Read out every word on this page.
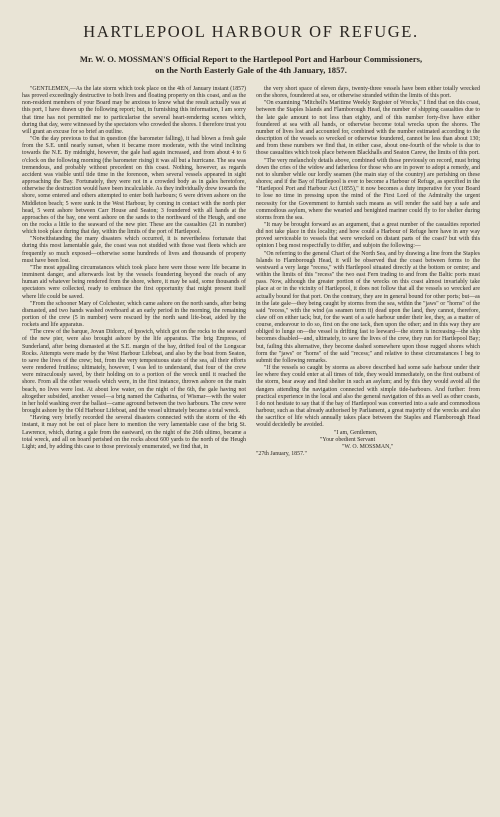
HARTLEPOOL HARBOUR OF REFUGE.
Mr. W. O. MOSSMAN'S Official Report to the Hartlepool Port and Harbour Commissioners,
on the North Easterly Gale of the 4th January, 1857.

"GENTLEMEN,—As the late storm which took place on the 4th of January instant (1857) has proved exceedingly destructive to both lives and floating property on this coast, and as the non-resident members of your Board may be anxious to know what the result actually was at this port, I have drawn up the following report; but, in furnishing this information, I am sorry that time has not permitted me to particularise the several heart-rendering scenes which, during that day, were witnessed by the spectators who crowded the shores. I therefore trust you will grant an excuse for so brief an outline.

"On the day previous to that in question (the barometer falling), it had blown a fresh gale from the S.E. until nearly sunset, when it became more moderate, with the wind inclining towards the N.E. By midnight, however, the gale had again increased, and from about 4 to 6 o'clock on the following morning (the barometer rising) it was all but a hurricane. The sea was tremendous, and probably without precedent on this coast. Nothing, however, as regards accident was visible until tide time in the forenoon, when several vessels appeared in sight approaching the Bay. Fortunately, they were not in a crowded body as in gales heretofore, otherwise the destruction would have been incalculable. As they individually drew towards the shore, some entered and others attempted to enter both harbours; 6 were driven ashore on the Middleton beach; 5 were sunk in the West Harbour, by coming in contact with the north pier head, 5 went ashore between Carr House and Seaton; 3 foundered with all hands at the approaches of the bay, one went ashore on the sands to the northward of the Heugh, and one on the rocks a little to the seaward of the new pier. These are the casualties (21 in number) which took place during that day, within the limits of the port of Hartlepool.

"Notwithstanding the many disasters which occurred, it is nevertheless fortunate that during this most lamentable gale, the coast was not studded with those vast fleets which are frequently so much exposed—otherwise some hundreds of lives and thousands of property must have been lost.

"The most appalling circumstances which took place here were those were life became in imminent danger, and afterwards lost by the vessels foundering beyond the reach of any human aid whatever being rendered from the shore, where, it may be said, some thousands of spectators were collected, ready to embrace the first opportunity that might present itself where life could be saved.

"From the schooner Mary of Colchester, which came ashore on the north sands, after being dismasted, and two hands washed overboard at an early period in the morning, the remaining portion of the crew (5 in number) were rescued by the north sand life-boat, aided by the rockets and life apparatus.

"The crew of the barque, Jovan Didcerz, of Ipswich, which got on the rocks to the seaward of the new pier, were also brought ashore by the life apparatus. The brig Empress, of Sunderland, after being dismasted at the S.E. margin of the bay, drifted foul of the Longscar Rocks. Attempts were made by the West Harbour Lifeboat, and also by the boat from Seaton, to save the lives of the crew; but, from the very tempestuous state of the sea, all their efforts were rendered fruitless; ultimately, however, I was led to understand, that four of the crew were miraculously saved, by their holding on to a portion of the wreck until it reached the shore. From all the other vessels which were, in the first instance, thrown ashore on the main beach, no lives were lost. At about low water, on the night of the 6th, the gale having not altogether subsided, another vessel—a brig named the Catharina, of Wismar—with the water in her hold washing over the ballast—came aground between the two harbours. The crew were brought ashore by the Old Harbour Lifeboat, and the vessel ultimately became a total wreck.

"Having very briefly recorded the several disasters connected with the storm of the 4th instant, it may not be out of place here to mention the very lamentable case of the brig St. Lawrence, which, during a gale from the eastward, on the night of the 26th ultimo, became a total wreck, and all on board perished on the rocks about 600 yards to the north of the Heugh Light; and, by adding this case to those previously enumerated, we find that, in

the very short space of eleven days, twenty-three vessels have been either totally wrecked on the shores, foundered at sea, or otherwise stranded within the limits of this port.

"On examining "Mitchell's Maritime Weekly Register of Wrecks," I find that on this coast, between the Staples Islands and Flamborough Head, the number of shipping casualties due to the late gale amount to not less than eighty, and of this number forty-five have either foundered at sea with all hands, or otherwise become total wrecks upon the shores. The number of lives lost and accounted for, combined with the number estimated according to the description of the vessels so wrecked or otherwise foundered, cannot be less than about 130; and from these numbers we find that, in either case, about one-fourth of the whole is due to those casualties which took place between Blackhalls and Seaton Carew, the limits of this port.

"The very melancholy details above, combined with those previously on record, must bring down the cries of the widow and fatherless for those who are in power to adopt a remedy, and not to slumber while our lordly seamen (the main stay of the country) are perishing on these shores; and if the Bay of Hartlepool is ever to become a Harbour of Refuge, as specified in the "Hartlepool Port and Harbour Act (1855)," it now becomes a duty imperative for your Board to lose no time in pressing upon the mind of the First Lord of the Admiralty the urgent necessity for the Government to furnish such means as will render the said bay a safe and commodious asylum, where the wearied and benighted mariner could fly to for shelter during storms from the sea.

"It may be brought forward as an argument, that a great number of the casualties reported did not take place in this locality; and how could a Harbour of Refuge here have in any way proved serviceable to vessels that were wrecked on distant parts of the coast? but with this opinion I beg most respectfully to differ, and subjoin the following:—

"On referring to the general Chart of the North Sea, and by drawing a line from the Staples Islands to Flamborough Head, it will be observed that the coast between forms to the westward a very large "recess," with Hartlepool situated directly at the bottom or centre; and within the limits of this "recess" the two east Fern trading to and from the Baltic ports must pass. Now, although the greater portion of the wrecks on this coast almost invariably take place at or in the vicinity of Hartlepool, it does not follow that all the vessels so wrecked are actually bound for that port. On the contrary, they are in general bound for other ports; but—as in the late gale—they being caught by storms from the sea, within the "jaws" or "horns" of the said "recess," with the wind (as seamen term it) dead upon the land, they cannot, therefore, claw off on either tack; but, for the want of a safe harbour under their lee, they, as a matter of course, endeavour to do so, first on the one tack, then upon the other; and in this way they are obliged to lunge on—the vessel is drifting fast to leeward—the storm is increasing—the ship becomes disabled—and, ultimately, to save the lives of the crew, they run for Hartlepool Bay; but, failing this alternative, they become dashed somewhere upon those rugged shores which form the "jaws" or "horns" of the said "recess;" and relative to these circumstances I beg to submit the following remarks.

"If the vessels so caught by storms as above described had some safe harbour under their lee where they could enter at all times of tide, they would immediately, on the first outburst of the storm, bear away and find shelter in such an asylum; and by this they would avoid all the dangers attending the navigation connected with simple tide-harbours. And further: from practical experience in the local and also the general navigation of this as well as other coasts, I do not hesitate to say that if the bay of Hartlepool was converted into a safe and commodious harbour, such as that already authorised by Parliament, a great majority of the wrecks and also the sacrifice of life which annually takes place between the Staples and Flamborough Head would decidedly be avoided.

"I am, Gentlemen,
"Your obedient Servant
"W. O. MOSSMAN,"
"27th January, 1857."
